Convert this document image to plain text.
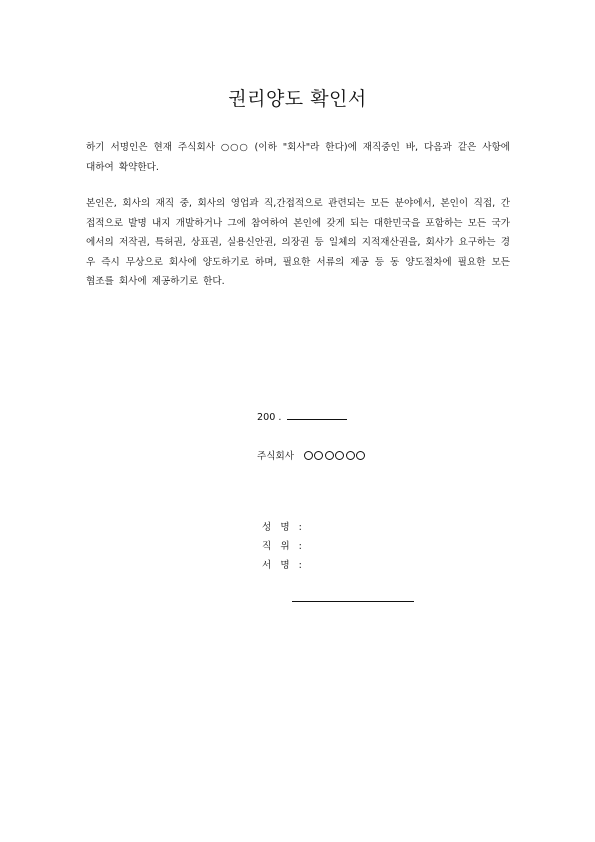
권리양도 확인서
하기 서명인은 현재 주식회사 ○○○ (이하 "회사"라 한다)에 재직중인 바, 다음과 같은 사항에 대하여 확약한다.
본인은, 회사의 재직 중, 회사의 영업과 직,간접적으로 관련되는 모든 분야에서, 본인이 직접, 간접적으로 발명 내지 개발하거나 그에 참여하여 본인에 갖게 되는 대한민국을 포함하는 모든 국가에서의 저작권, 특허권, 상표권, 실용신안권, 의장권 등 일체의 지적재산권을, 회사가 요구하는 경우 즉시 무상으로 회사에 양도하기로 하며, 필요한 서류의 제공 등 동 양도절차에 필요한 모든 협조를 회사에 제공하기로 한다.
200 .
주식회사
성 명 :
직 위 :
서 명 :
